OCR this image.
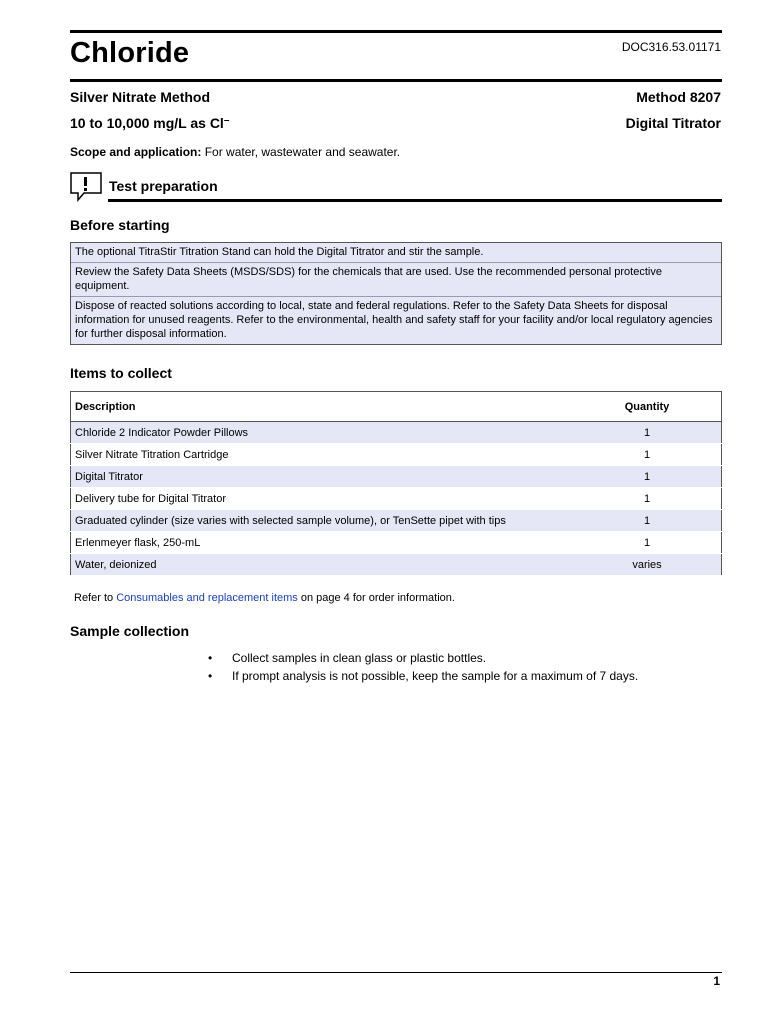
Chloride	DOC316.53.01171
Silver Nitrate Method	Method 8207
10 to 10,000 mg/L as Cl–	Digital Titrator
Scope and application: For water, wastewater and seawater.
Test preparation
Before starting
The optional TitraStir Titration Stand can hold the Digital Titrator and stir the sample.
Review the Safety Data Sheets (MSDS/SDS) for the chemicals that are used. Use the recommended personal protective equipment.
Dispose of reacted solutions according to local, state and federal regulations. Refer to the Safety Data Sheets for disposal information for unused reagents. Refer to the environmental, health and safety staff for your facility and/or local regulatory agencies for further disposal information.
Items to collect
Description	Quantity
Chloride 2 Indicator Powder Pillows	1
Silver Nitrate Titration Cartridge	1
Digital Titrator	1
Delivery tube for Digital Titrator	1
Graduated cylinder (size varies with selected sample volume), or TenSette pipet with tips	1
Erlenmeyer flask, 250-mL	1
Water, deionized	varies
Refer to Consumables and replacement items on page 4 for order information.
Sample collection
• Collect samples in clean glass or plastic bottles.
• If prompt analysis is not possible, keep the sample for a maximum of 7 days.
1
